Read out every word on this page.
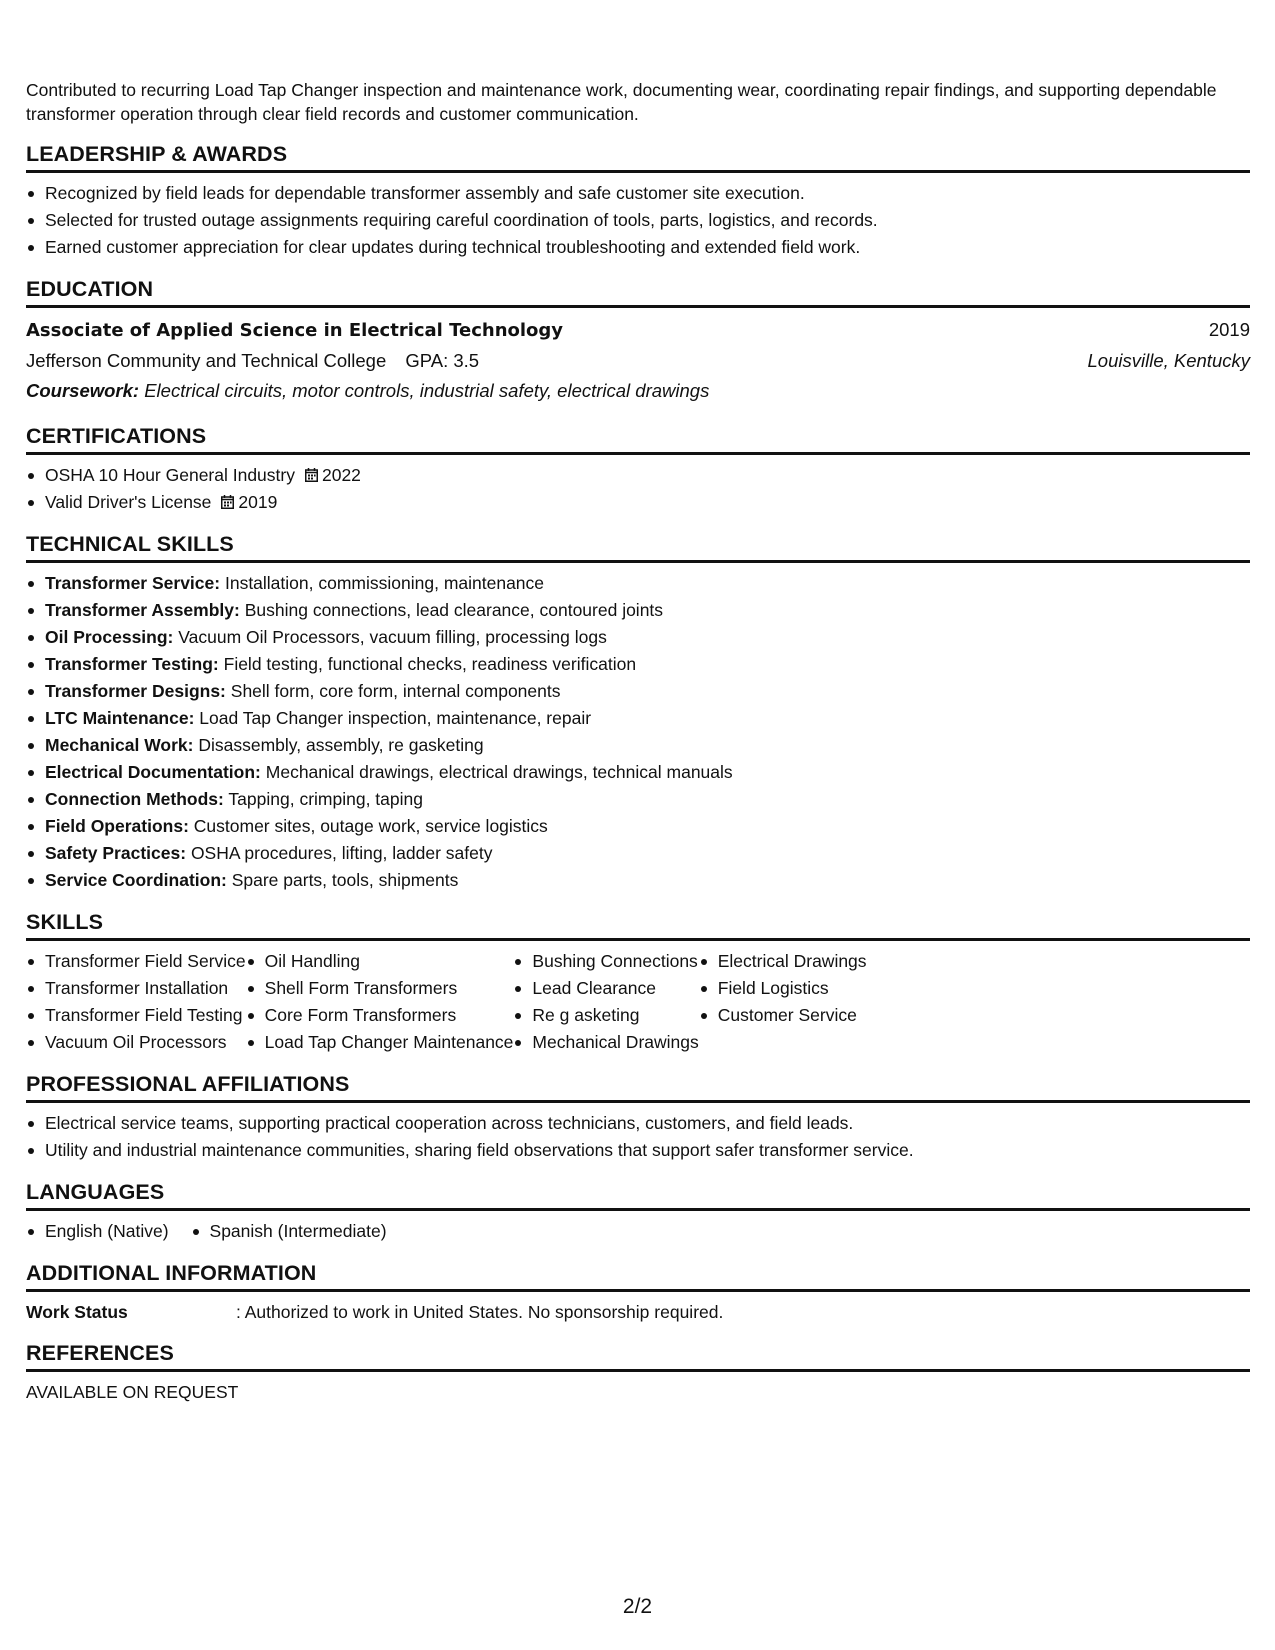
Contributed to recurring Load Tap Changer inspection and maintenance work, documenting wear, coordinating repair findings, and supporting dependable transformer operation through clear field records and customer communication.

LEADERSHIP & AWARDS
Recognized by field leads for dependable transformer assembly and safe customer site execution.
Selected for trusted outage assignments requiring careful coordination of tools, parts, logistics, and records.
Earned customer appreciation for clear updates during technical troubleshooting and extended field work.
EDUCATION
Associate of Applied Science in Electrical Technology	2019
Jefferson Community and Technical College GPA: 3.5	Louisville, Kentucky
Coursework: Electrical circuits, motor controls, industrial safety, electrical drawings
CERTIFICATIONS
OSHA 10 Hour General Industry 2022
Valid Driver's License 2019
TECHNICAL SKILLS
Transformer Service: Installation, commissioning, maintenance
Transformer Assembly: Bushing connections, lead clearance, contoured joints
Oil Processing: Vacuum Oil Processors, vacuum filling, processing logs
Transformer Testing: Field testing, functional checks, readiness verification
Transformer Designs: Shell form, core form, internal components
LTC Maintenance: Load Tap Changer inspection, maintenance, repair
Mechanical Work: Disassembly, assembly, re gasketing
Electrical Documentation: Mechanical drawings, electrical drawings, technical manuals
Connection Methods: Tapping, crimping, taping
Field Operations: Customer sites, outage work, service logistics
Safety Practices: OSHA procedures, lifting, ladder safety
Service Coordination: Spare parts, tools, shipments
SKILLS
Transformer Field Service
Transformer Installation
Transformer Field Testing
Vacuum Oil Processors
Oil Handling
Shell Form Transformers
Core Form Transformers
Load Tap Changer Maintenance
Bushing Connections
Lead Clearance
Re g asketing
Mechanical Drawings
Electrical Drawings
Field Logistics
Customer Service
PROFESSIONAL AFFILIATIONS
Electrical service teams, supporting practical cooperation across technicians, customers, and field leads.
Utility and industrial maintenance communities, sharing field observations that support safer transformer service.
LANGUAGES
English (Native)	Spanish (Intermediate)
ADDITIONAL INFORMATION
Work Status	: Authorized to work in United States. No sponsorship required.
REFERENCES
AVAILABLE ON REQUEST
2/2
